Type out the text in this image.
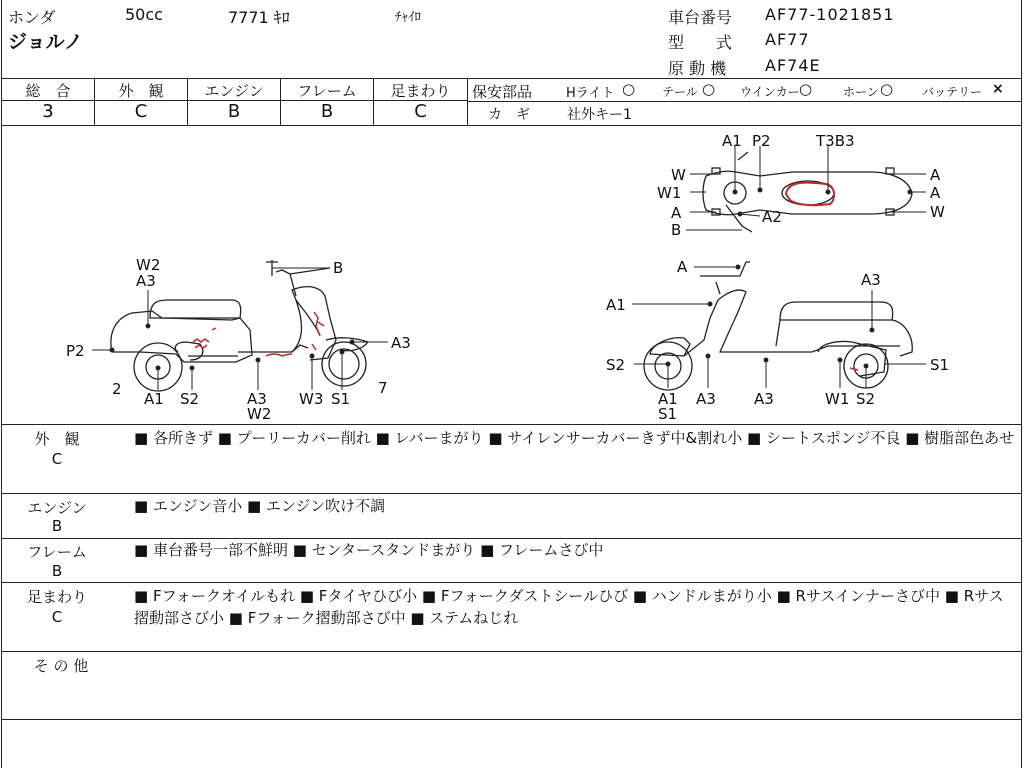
ホンダ	50cc	7771 ｷﾛ	ﾁｬｲﾛ
ジョルノ
車台番号 AF77-1021851
型　　式 AF77
原 動 機 AF74E
総　合
3
外　観
C
エンジン
B
フレーム
B
足まわり
C
保安部品	Hライト ○ テール ○ ウインカー ○	ホーン ○ バッテリー ×
カ　ギ	社外キー1
W2
A3
B
P2	A3
2
A1 S2	A3
W2
W3 S1
7
A1 P2	T3B3
W
W1
A
B
A2
A
A
W
A
A3
A1
S2
A1
S1
A3	A3	W1 S2
S1
外　観
C
■ 各所きず ■ プーリーカバー削れ ■ レバーまがり ■ サイレンサーカバーきず中&割れ小 ■ シートスポンジ不良 ■ 樹脂部色あせ
エンジン
B
■ エンジン音小 ■ エンジン吹け不調
フレーム
B
■ 車台番号一部不鮮明 ■ センタースタンドまがり ■ フレームさび中
足まわり
C
■ Fフォークオイルもれ ■ Fタイヤひび小 ■ Fフォークダストシールひび ■ ハンドルまがり小 ■ Rサスインナーさび中 ■ Rサス摺動部さび小 ■ Fフォーク摺動部さび中 ■ ステムねじれ
そ の 他
